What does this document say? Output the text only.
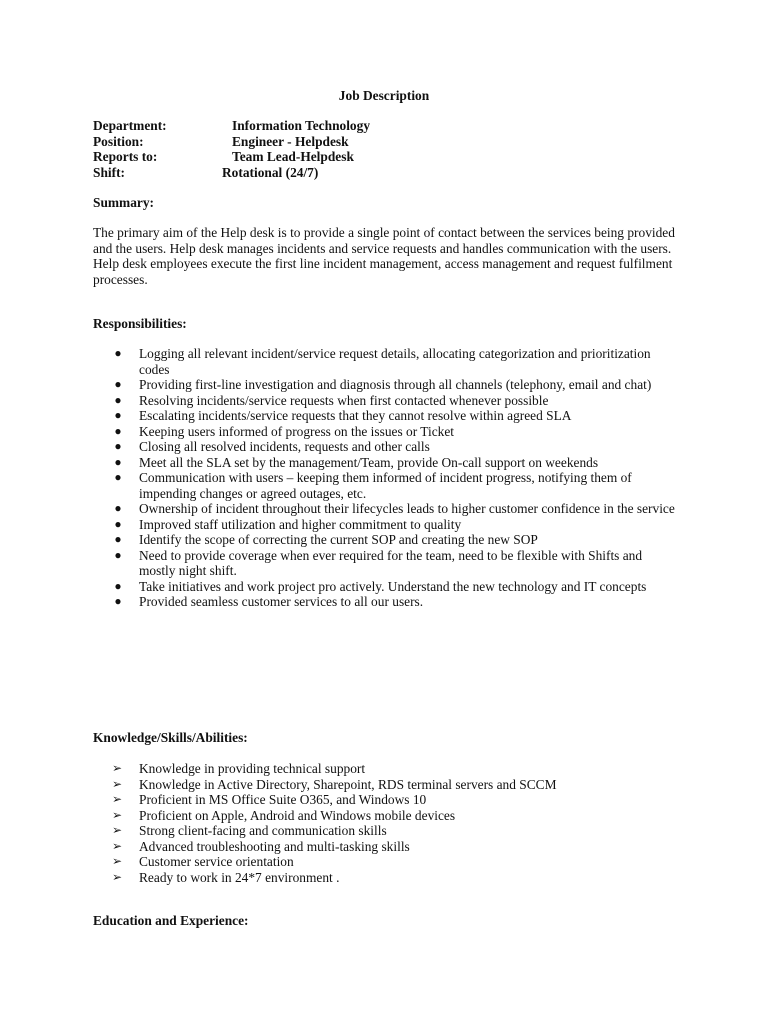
Job Description
Department:	Information Technology
Position:	Engineer - Helpdesk
Reports to:	Team Lead-Helpdesk
Shift:	Rotational (24/7)
Summary:
The primary aim of the Help desk is to provide a single point of contact between the services being provided and the users. Help desk manages incidents and service requests and handles communication with the users. Help desk employees execute the first line incident management, access management and request fulfilment processes.
Responsibilities:
● Logging all relevant incident/service request details, allocating categorization and prioritization codes
● Providing first-line investigation and diagnosis through all channels (telephony, email and chat)
● Resolving incidents/service requests when first contacted whenever possible
● Escalating incidents/service requests that they cannot resolve within agreed SLA
● Keeping users informed of progress on the issues or Ticket
● Closing all resolved incidents, requests and other calls
● Meet all the SLA set by the management/Team, provide On-call support on weekends
● Communication with users – keeping them informed of incident progress, notifying them of impending changes or agreed outages, etc.
● Ownership of incident throughout their lifecycles leads to higher customer confidence in the service
● Improved staff utilization and higher commitment to quality
● Identify the scope of correcting the current SOP and creating the new SOP
● Need to provide coverage when ever required for the team, need to be flexible with Shifts and mostly night shift.
● Take initiatives and work project pro actively. Understand the new technology and IT concepts
● Provided seamless customer services to all our users.
Knowledge/Skills/Abilities:
➢ Knowledge in providing technical support
➢ Knowledge in Active Directory, Sharepoint, RDS terminal servers and SCCM
➢ Proficient in MS Office Suite O365, and Windows 10
➢ Proficient on Apple, Android and Windows mobile devices
➢ Strong client-facing and communication skills
➢ Advanced troubleshooting and multi-tasking skills
➢ Customer service orientation
➢ Ready to work in 24*7 environment .
Education and Experience:
